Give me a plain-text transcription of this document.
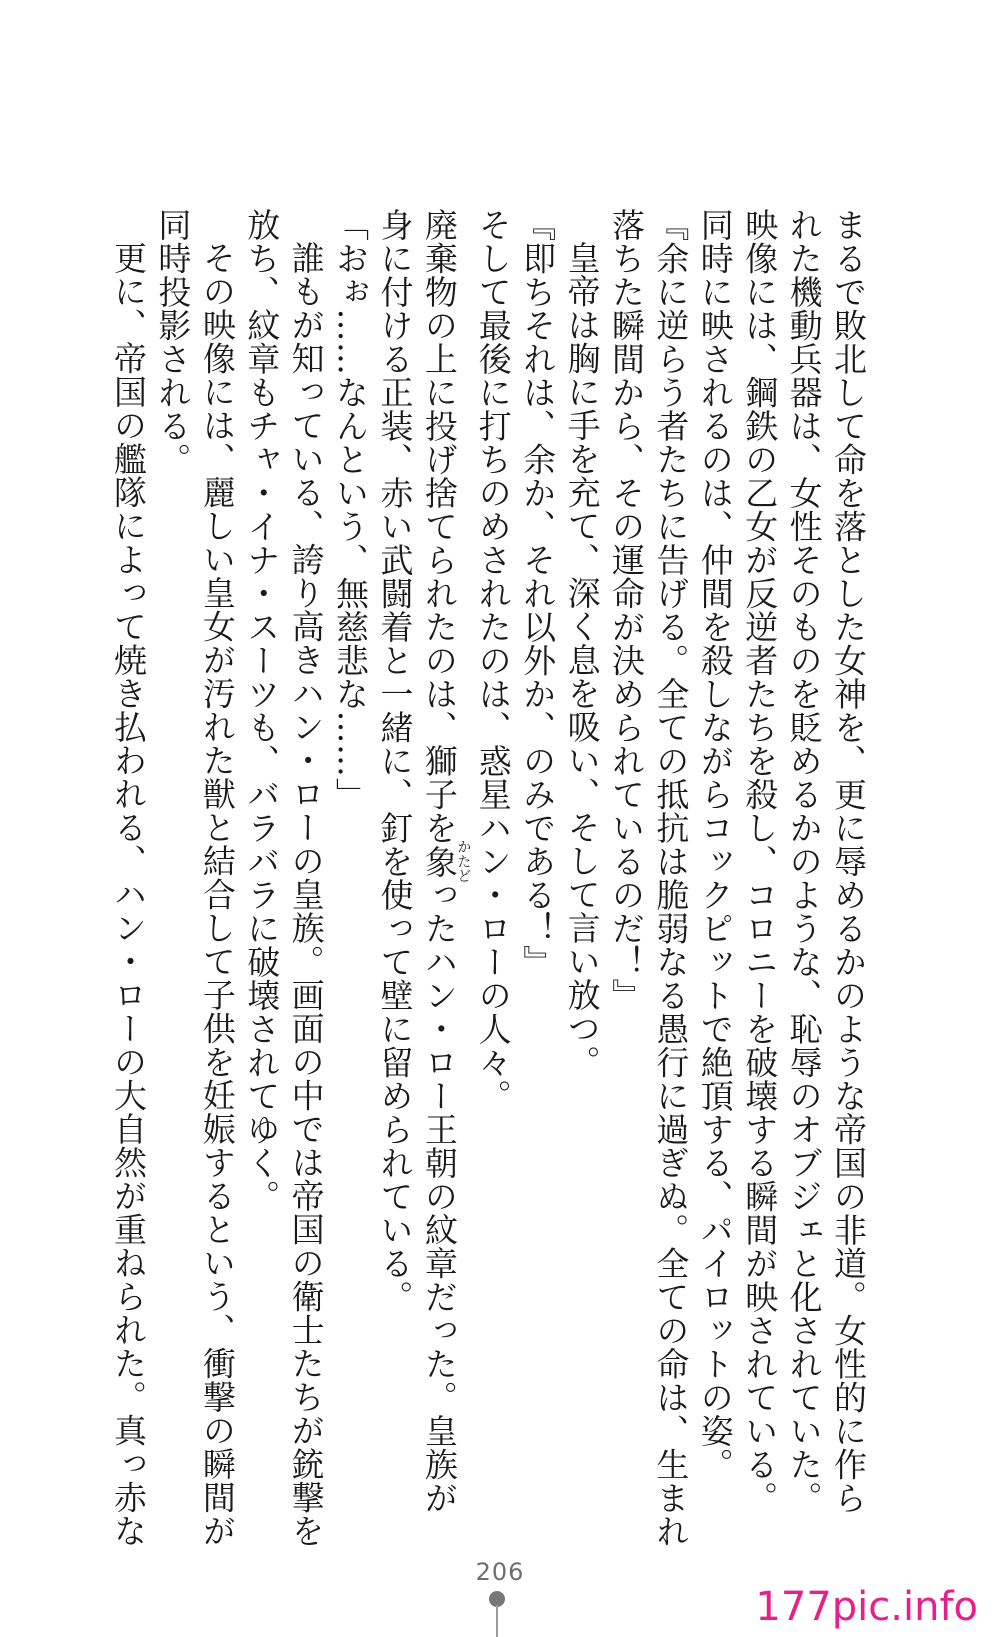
まるで敗北して命を落とした女神を、更に辱めるかのような帝国の非道。女性的に作ら
れた機動兵器は、女性そのものを貶めるかのような、恥辱のオブジェと化されていた。
映像には、鋼鉄の乙女が反逆者たちを殺し、コロニーを破壊する瞬間が映されている。
同時に映されるのは、仲間を殺しながらコックピットで絶頂する、パイロットの姿。
『余に逆らう者たちに告げる。全ての抵抗は脆弱なる愚行に過ぎぬ。全ての命は、生まれ
落ちた瞬間から、その運命が決められているのだ！』
皇帝は胸に手を充て、深く息を吸い、そして言い放つ。
『即ちそれは、余か、それ以外か、のみである！』
そして最後に打ちのめされたのは、惑星ハン・ローの人々。
廃棄物の上に投げ捨てられたのは、獅子を象かたどったハン・ロー王朝の紋章だった。皇族が
身に付ける正装、赤い武闘着と一緒に、釘を使って壁に留められている。
「おぉ……なんという、無慈悲な……」
誰もが知っている、誇り高きハン・ローの皇族。画面の中では帝国の衛士たちが銃撃を
放ち、紋章もチャ・イナ・スーツも、バラバラに破壊されてゆく。
その映像には、麗しい皇女が汚れた獣と結合して子供を妊娠するという、衝撃の瞬間が
同時投影される。
更に、帝国の艦隊によって焼き払われる、ハン・ローの大自然が重ねられた。真っ赤な
206
177pic.info
